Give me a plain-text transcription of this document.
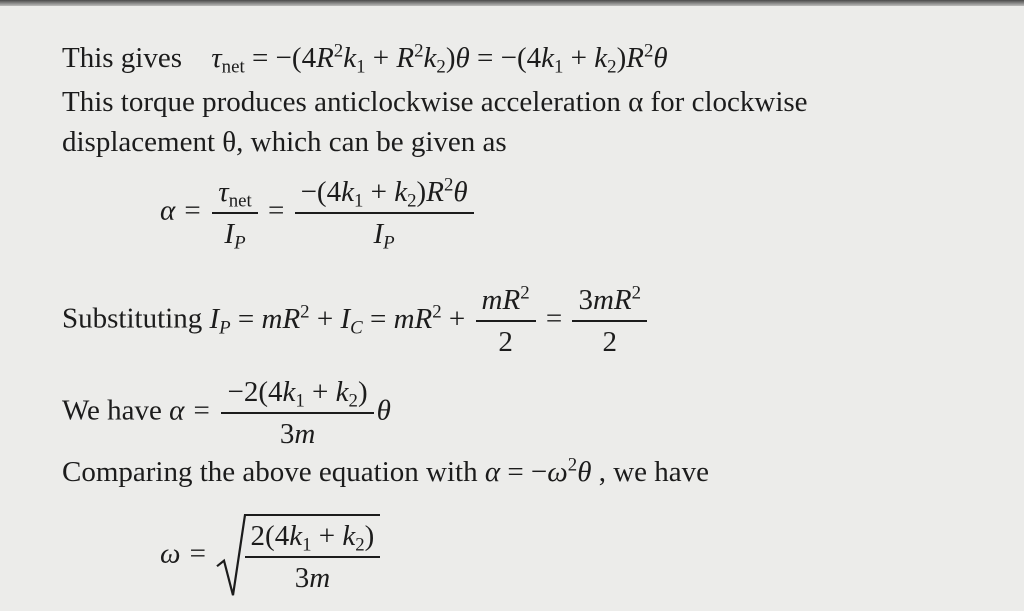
This gives $\tau_{net} = -(4R^2k_1 + R^2k_2)\theta = -(4k_1 + k_2)R^2\theta$
This torque produces anticlockwise acceleration α for clockwise
displacement θ, which can be given as
$\alpha = \frac{\tau_{net}}{I_P} = \frac{-(4k_1 + k_2)R^2\theta}{I_P}$
Substituting $I_P = mR^2 + I_C = mR^2 + \frac{mR^2}{2} = \frac{3mR^2}{2}$
We have $\alpha = \frac{-2(4k_1 + k_2)}{3m}$ θ
Comparing the above equation with $\alpha = -\omega^2\theta$ , we have
$\omega = \frac{2(4k_1 + k_2)}{3m}$
